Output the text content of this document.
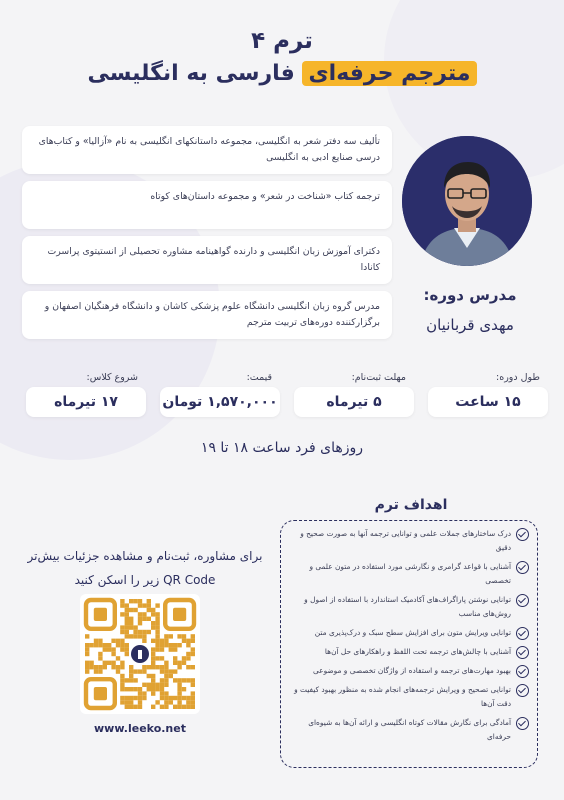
ترم ۴
مترجم حرفه‌ای فارسی به انگلیسی
تألیف سه دفتر شعر به انگلیسی، مجموعه داستانکهای انگلیسی به نام «آزالیا» و کتاب‌های درسی صنایع ادبی به انگلیسی
ترجمه کتاب «شناخت در شعر» و مجموعه داستان‌های کوتاه
دکترای آموزش زبان انگلیسی و دارنده گواهینامه مشاوره تحصیلی از انستیتوی پراسرت کانادا
مدرس گروه زبان انگلیسی دانشگاه علوم پزشکی کاشان و دانشگاه فرهنگیان اصفهان و برگزارکننده دوره‌های تربیت مترجم
مدرس دوره:
مهدی قربانیان
طول دوره:
۱۵ ساعت
مهلت ثبت‌نام:
۵ تیرماه
قیمت:
۱,۵۷۰,۰۰۰ تومان
شروع کلاس:
۱۷ تیرماه
روزهای فرد ساعت ۱۸ تا ۱۹
اهداف ترم
درک ساختارهای جملات علمی و توانایی ترجمه آنها به صورت صحیح و دقیق
آشنایی با قواعد گرامری و نگارشی مورد استفاده در متون علمی و تخصصی
توانایی نوشتن پاراگراف‌های آکادمیک استاندارد با استفاده از اصول و روش‌های مناسب
توانایی ویرایش متون برای افزایش سطح سبک و درک‌پذیری متن
آشنایی با چالش‌های ترجمه تحت اللفظ و راهکارهای حل آن‌ها
بهبود مهارت‌های ترجمه و استفاده از واژگان تخصصی و موضوعی
توانایی تصحیح و ویرایش ترجمه‌های انجام شده به منظور بهبود کیفیت و دقت آن‌ها
آمادگی برای نگارش مقالات کوتاه انگلیسی و ارائه آن‌ها به شیوه‌ای حرفه‌ای
برای مشاوره، ثبت‌نام و مشاهده جزئیات بیش‌تر
QR Code زیر را اسکن کنید
www.leeko.net
